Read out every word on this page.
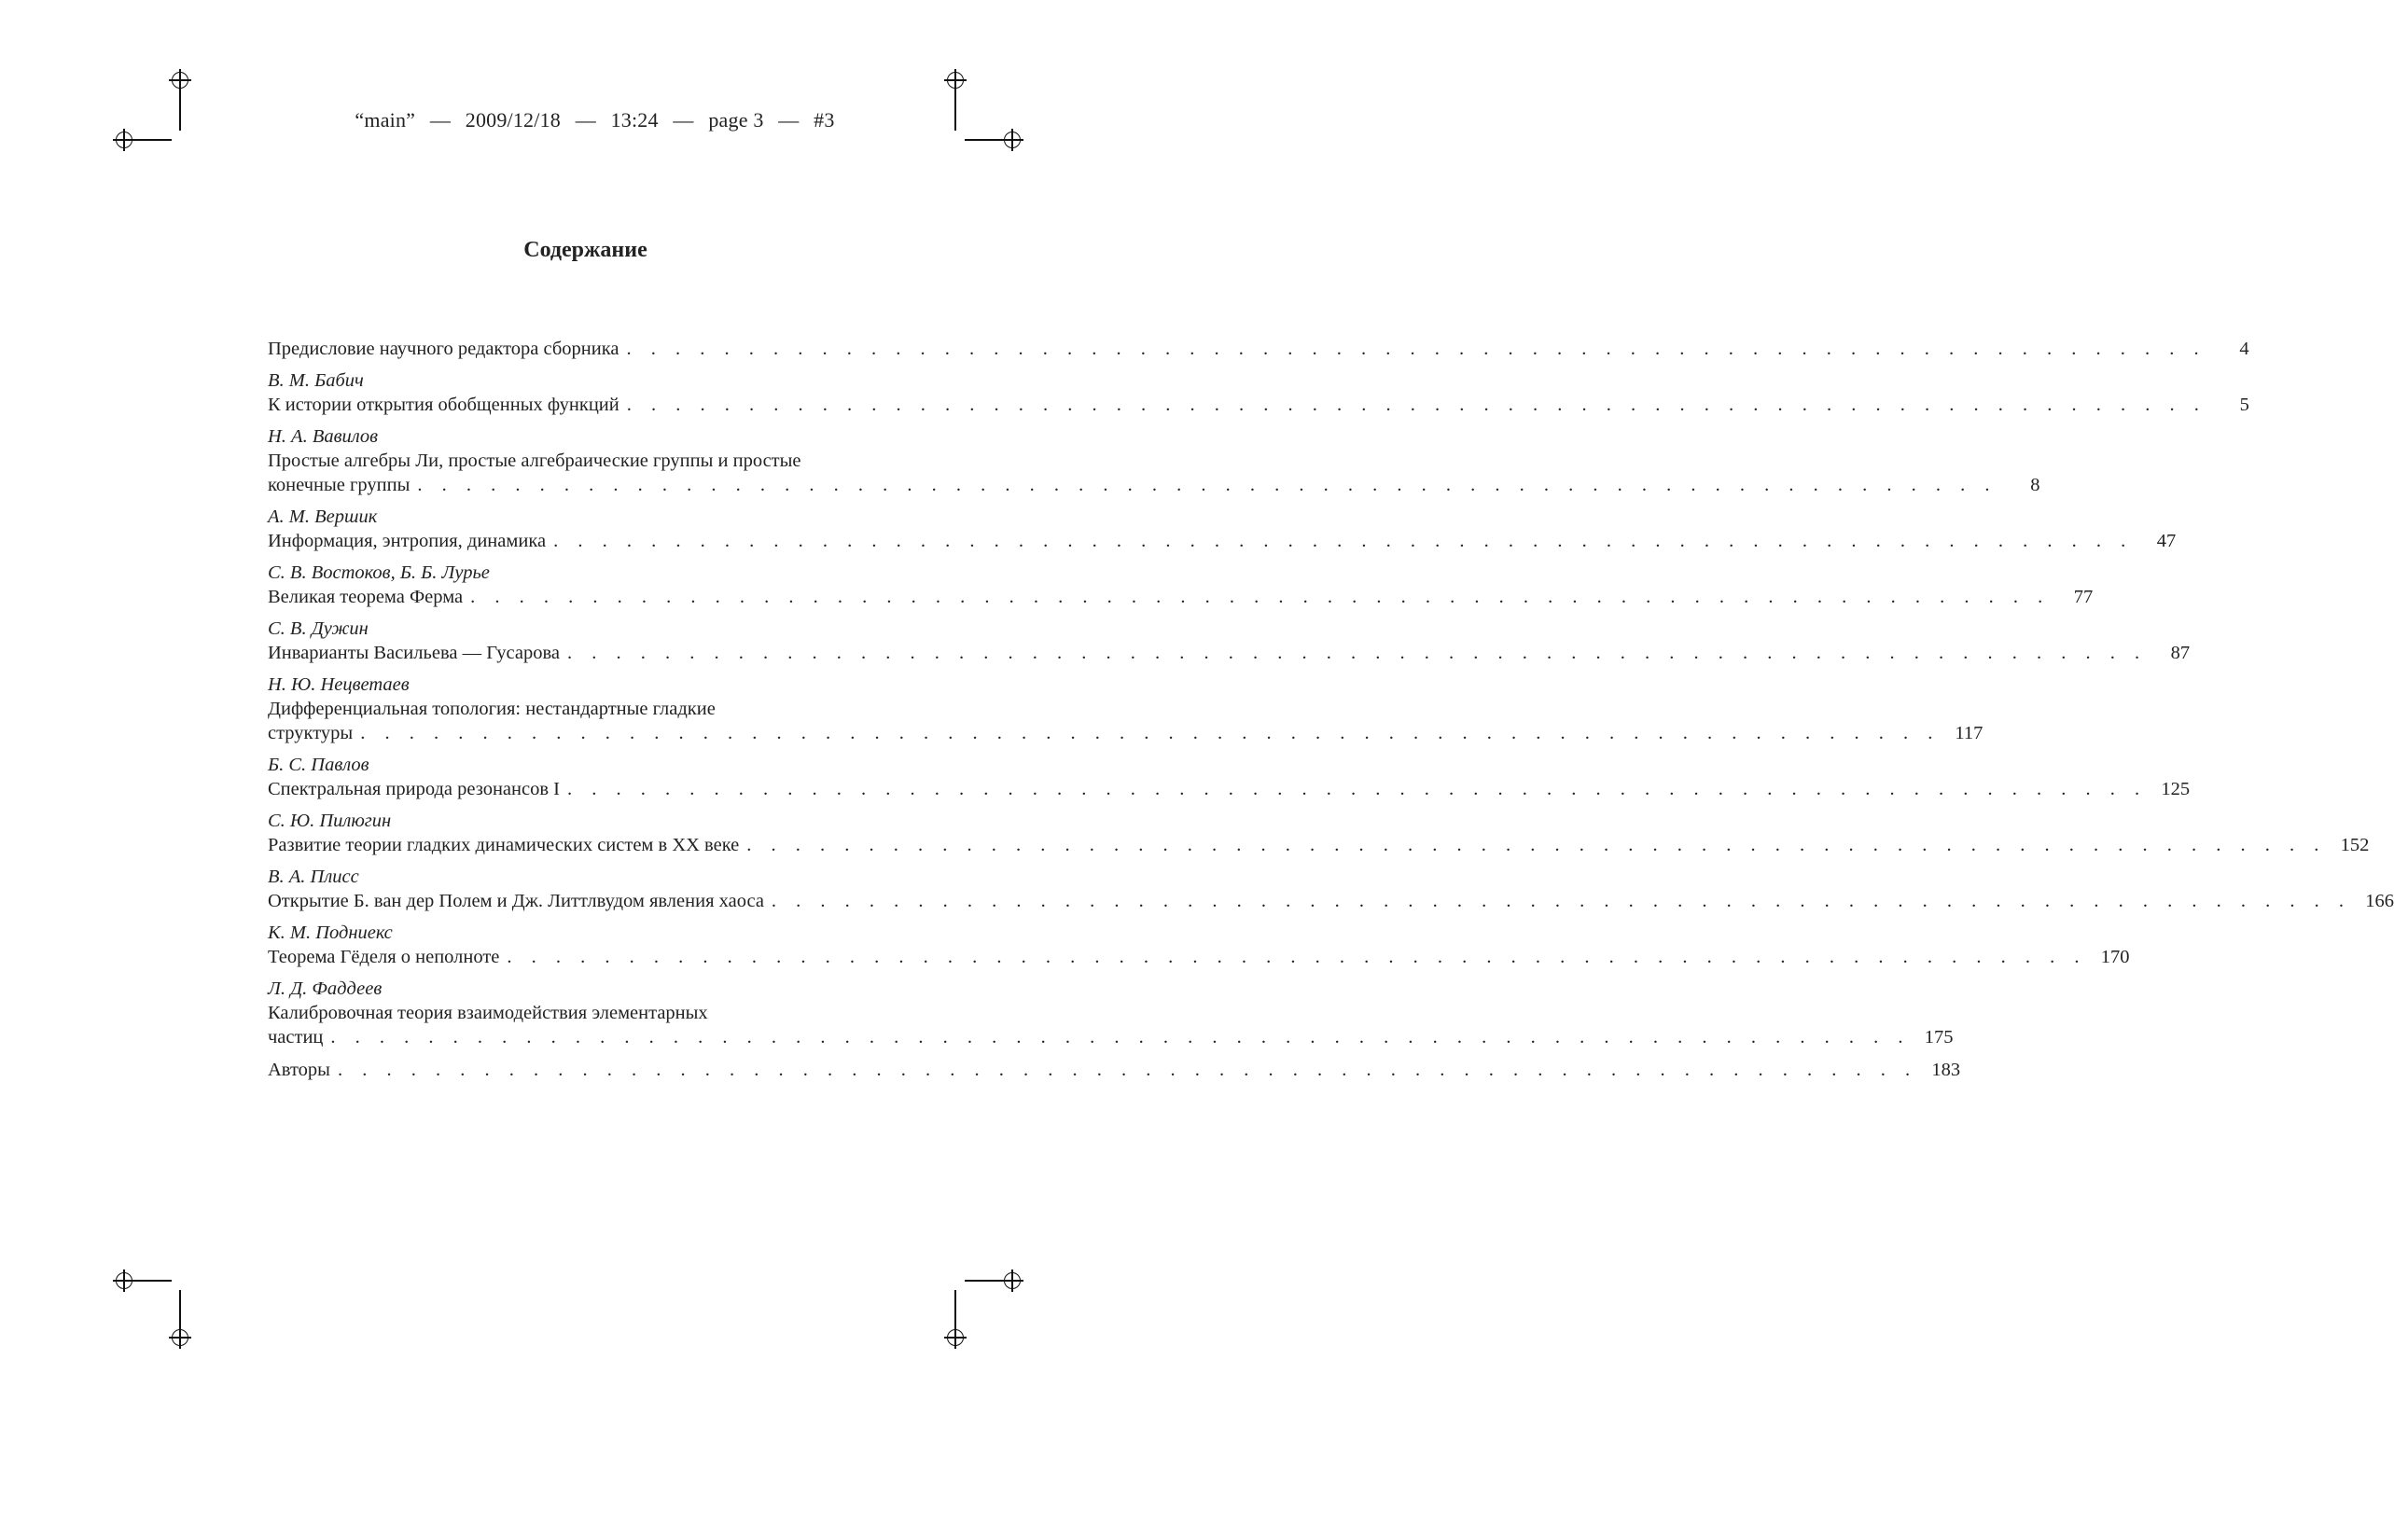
“main” — 2009/12/18 — 13:24 — page 3 — #3
Содержание
Предисловие научного редактора сборника . . . . . . . . . . . . . . . . . . . . . . . . . . . . . . . . . . . . . . . . . . . . . . . . . . . . . . . . . . . . . . . . .	4
В. М. Бабич
К истории открытия обобщенных функций . . . . . . . . . . . . . . . . . . . . . . . . . . . . . . . . . . . . . . . . . . . . . . . . . . . . . . . . . . . . . . . . .	5
Н. А. Вавилов
Простые алгебры Ли, простые алгебраические группы и простые
конечные группы . . . . . . . . . . . . . . . . . . . . . . . . . . . . . . . . . . . . . . . . . . . . . . . . . . . . . . . . . . . . . . . . .	8
А. М. Вершик
Информация, энтропия, динамика . . . . . . . . . . . . . . . . . . . . . . . . . . . . . . . . . . . . . . . . . . . . . . . . . . . . . . . . . . . . . . . . .	47
С. В. Востоков, Б. Б. Лурье
Великая теорема Ферма . . . . . . . . . . . . . . . . . . . . . . . . . . . . . . . . . . . . . . . . . . . . . . . . . . . . . . . . . . . . . . . . .	77
С. В. Дужин
Инварианты Васильева — Гусарова . . . . . . . . . . . . . . . . . . . . . . . . . . . . . . . . . . . . . . . . . . . . . . . . . . . . . . . . . . . . . . . . .	87
Н. Ю. Нецветаев
Дифференциальная топология: нестандартные гладкие
структуры . . . . . . . . . . . . . . . . . . . . . . . . . . . . . . . . . . . . . . . . . . . . . . . . . . . . . . . . . . . . . . . . . 117
Б. С. Павлов
Спектральная природа резонансов I . . . . . . . . . . . . . . . . . . . . . . . . . . . . . . . . . . . . . . . . . . . . . . . . . . . . . . . . . . . . . . . . . 125
С. Ю. Пилюгин
Развитие теории гладких динамических систем в XX веке . . . . . . . . . . . . . . . . . . . . . . . . . . . . . . . . . . . . . . . . . . . . . . . . . . . . . . . . . . . . . . . . . 152
В. А. Плисс
Открытие Б. ван дер Полем и Дж. Литтлвудом явления хаоса . . . . . . . . . . . . . . . . . . . . . . . . . . . . . . . . . . . . . . . . . . . . . . . . . . . . . . . . . . . . . . . . . 166
К. М. Подниекс
Теорема Гёделя о неполноте . . . . . . . . . . . . . . . . . . . . . . . . . . . . . . . . . . . . . . . . . . . . . . . . . . . . . . . . . . . . . . . . . 170
Л. Д. Фаддеев
Калибровочная теория взаимодействия элементарных
частиц . . . . . . . . . . . . . . . . . . . . . . . . . . . . . . . . . . . . . . . . . . . . . . . . . . . . . . . . . . . . . . . . . 175
Авторы . . . . . . . . . . . . . . . . . . . . . . . . . . . . . . . . . . . . . . . . . . . . . . . . . . . . . . . . . . . . . . . . . 183
